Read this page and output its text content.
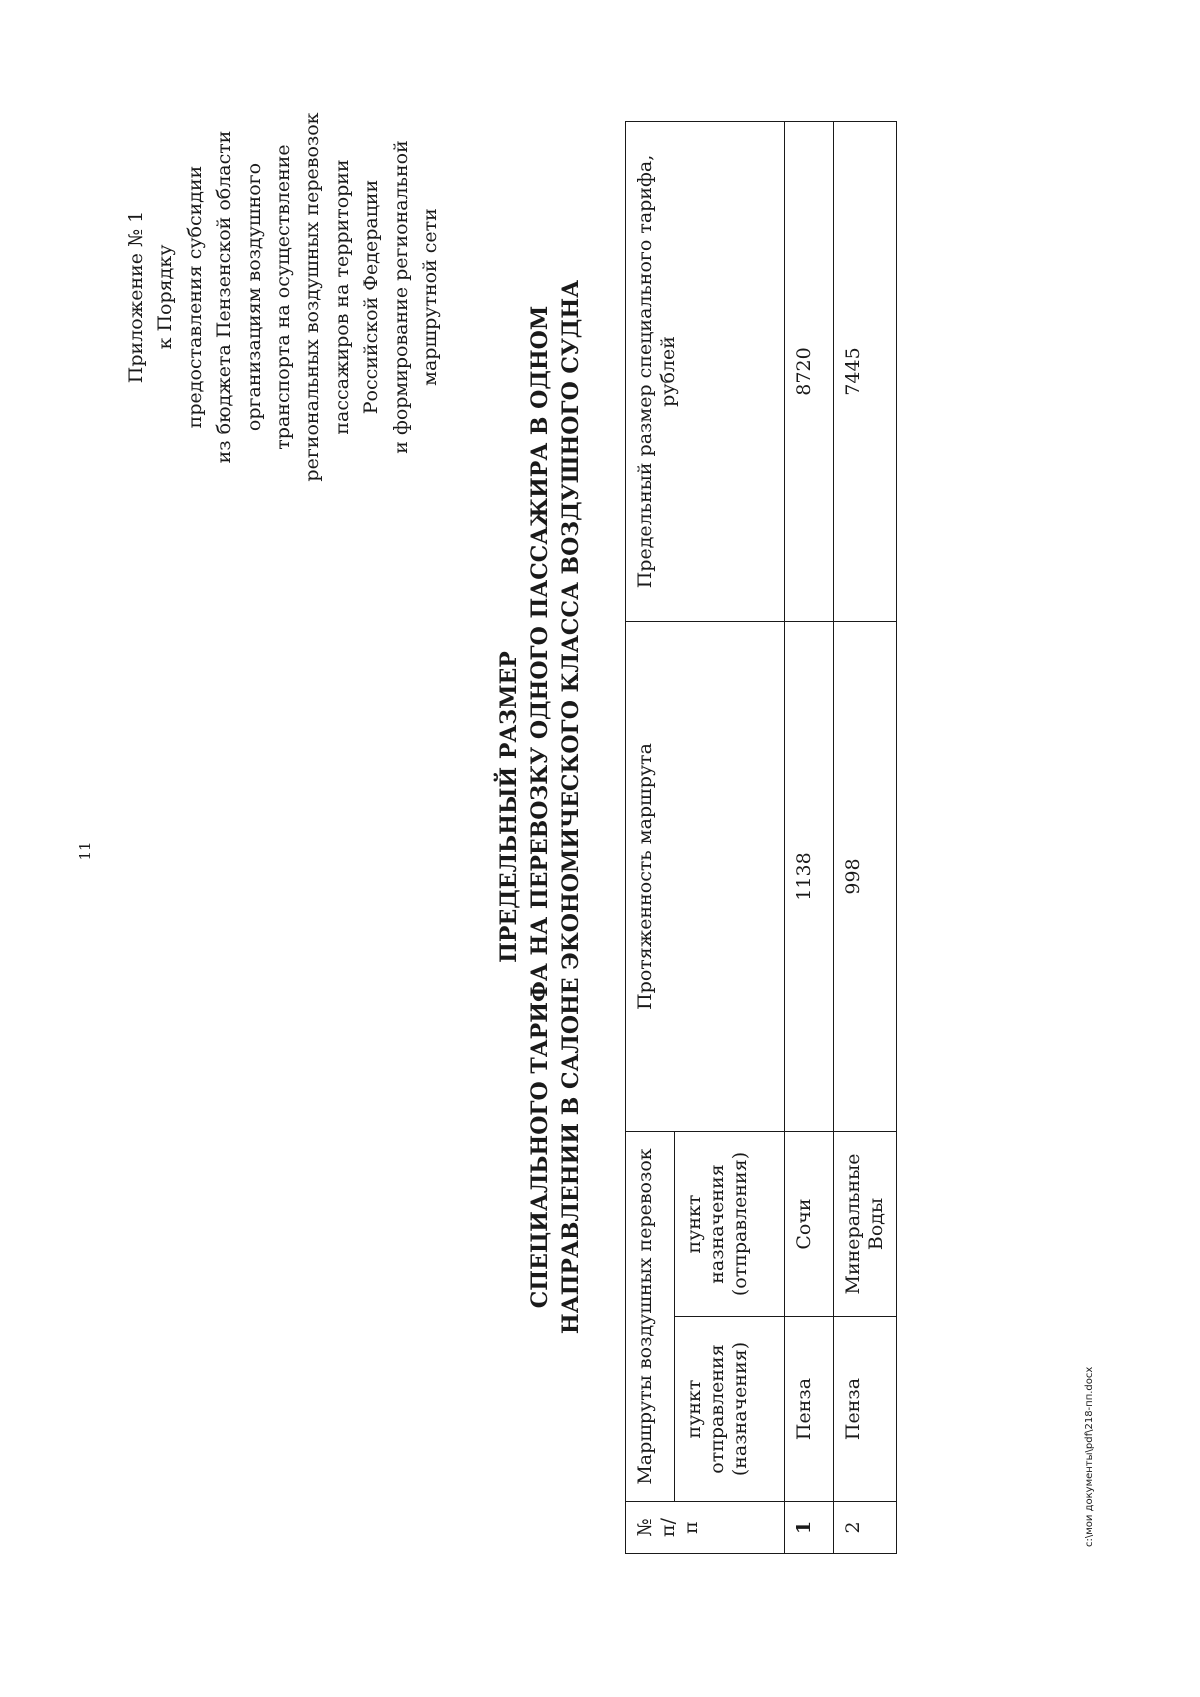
11
Приложение № 1 к Порядку предоставления субсидии из бюджета Пензенской области организациям воздушного транспорта на осуществление региональных воздушных перевозок пассажиров на территории Российской Федерации и формирование региональной маршрутной сети
ПРЕДЕЛЬНЫЙ РАЗМЕР СПЕЦИАЛЬНОГО ТАРИФА НА ПЕРЕВОЗКУ ОДНОГО ПАССАЖИРА В ОДНОМ НАПРАВЛЕНИИ В САЛОНЕ ЭКОНОМИЧЕСКОГО КЛАССА ВОЗДУШНОГО СУДНА
№ п/п	Маршруты воздушных перевозок		Протяженность маршрута	Предельный размер специального тарифа, рублей
	пункт отправления (назначения)	пункт назначения (отправления)		
1	Пенза	Сочи	1138	8720
2	Пенза	Минеральные Воды	998	7445
c:\мои документы\pdf\218-пп.docx
